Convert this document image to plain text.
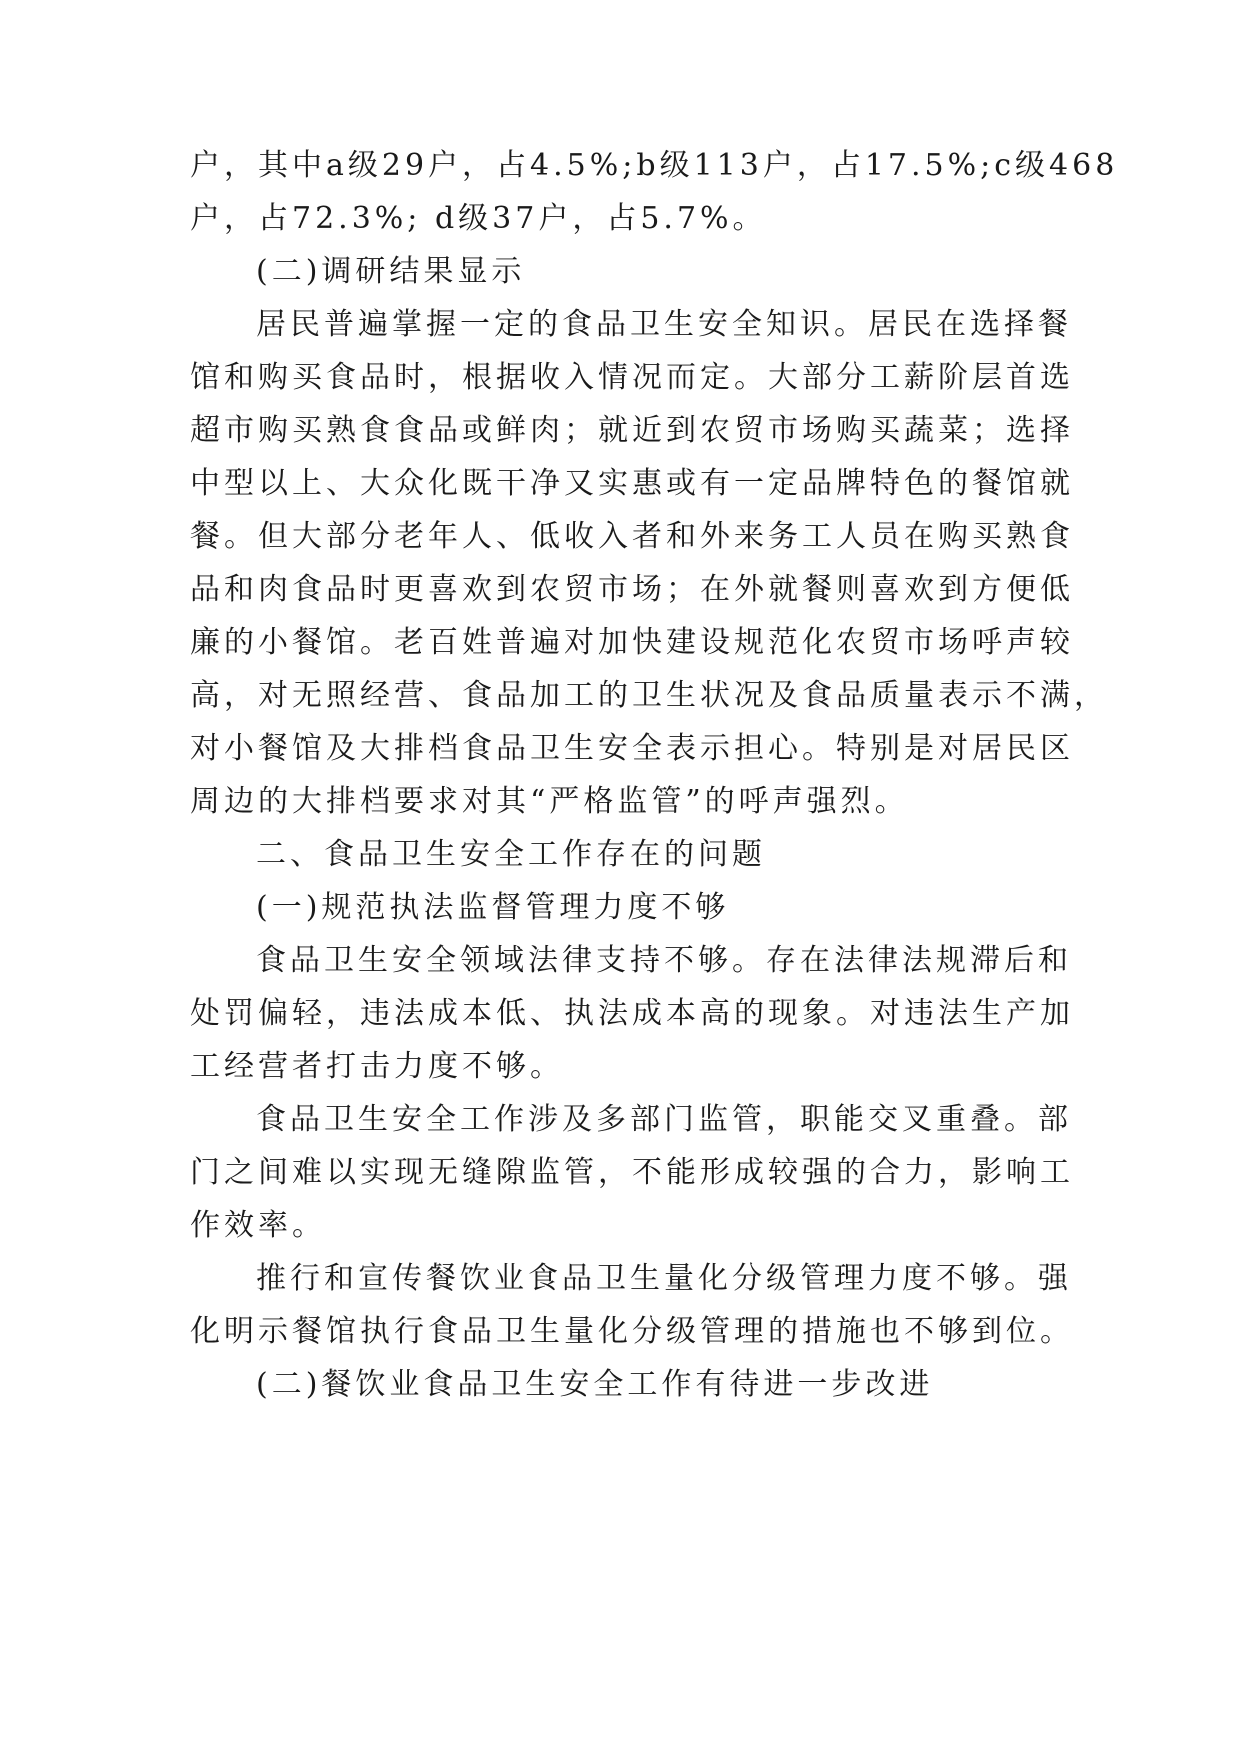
户，其中a级29户，占4.5%;b级113户，占17.5%;c级468
户，占72.3%; d级37户，占5.7%。
(二)调研结果显示
居民普遍掌握一定的食品卫生安全知识。居民在选择餐
馆和购买食品时，根据收入情况而定。大部分工薪阶层首选
超市购买熟食食品或鲜肉；就近到农贸市场购买蔬菜；选择
中型以上、大众化既干净又实惠或有一定品牌特色的餐馆就
餐。但大部分老年人、低收入者和外来务工人员在购买熟食
品和肉食品时更喜欢到农贸市场；在外就餐则喜欢到方便低
廉的小餐馆。老百姓普遍对加快建设规范化农贸市场呼声较
高，对无照经营、食品加工的卫生状况及食品质量表示不满，
对小餐馆及大排档食品卫生安全表示担心。特别是对居民区
周边的大排档要求对其“严格监管”的呼声强烈。
二、食品卫生安全工作存在的问题
(一)规范执法监督管理力度不够
食品卫生安全领域法律支持不够。存在法律法规滞后和
处罚偏轻，违法成本低、执法成本高的现象。对违法生产加
工经营者打击力度不够。
食品卫生安全工作涉及多部门监管，职能交叉重叠。部
门之间难以实现无缝隙监管，不能形成较强的合力，影响工
作效率。
推行和宣传餐饮业食品卫生量化分级管理力度不够。强
化明示餐馆执行食品卫生量化分级管理的措施也不够到位。
(二)餐饮业食品卫生安全工作有待进一步改进
